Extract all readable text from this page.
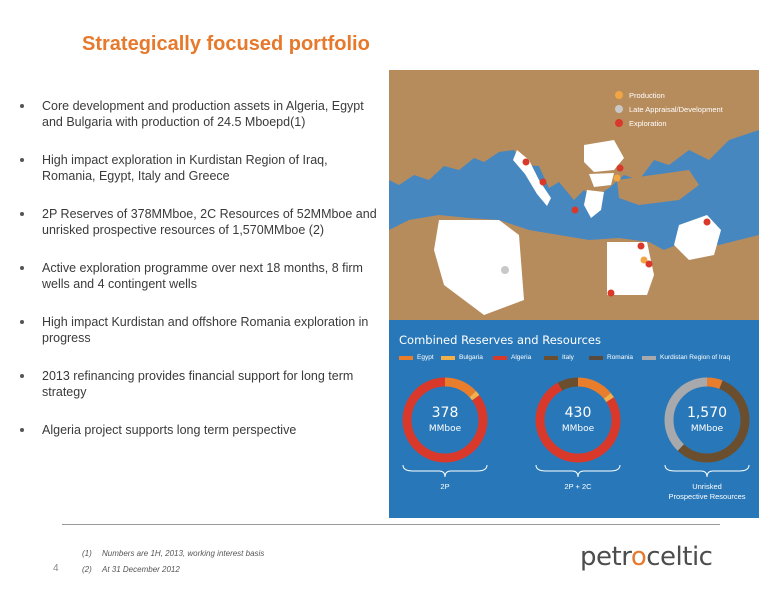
Strategically focused portfolio
Core development and production assets in Algeria, Egypt and Bulgaria with production of 24.5 Mboepd(1)
High impact exploration in Kurdistan Region of Iraq, Romania, Egypt, Italy and Greece
2P Reserves of 378MMboe, 2C Resources of 52MMboe and unrisked prospective resources of 1,570MMboe (2)
Active exploration programme over next 18 months, 8 firm wells and 4 contingent wells
High impact Kurdistan and offshore Romania exploration in progress
2013 refinancing provides financial support for long term strategy
Algeria project supports long term perspective
Production
Late Appraisal/Development
Exploration
Combined Reserves and Resources
Egypt	Bulgaria	Algeria	Italy	Romania	Kurdistan Region of Iraq
378
MMboe
430
MMboe
1,570
MMboe
2P	2P + 2C	Unrisked
Prospective Resources
4
(1)	Numbers are 1H, 2013, working interest basis
(2)	At 31 December 2012	petroceltic
